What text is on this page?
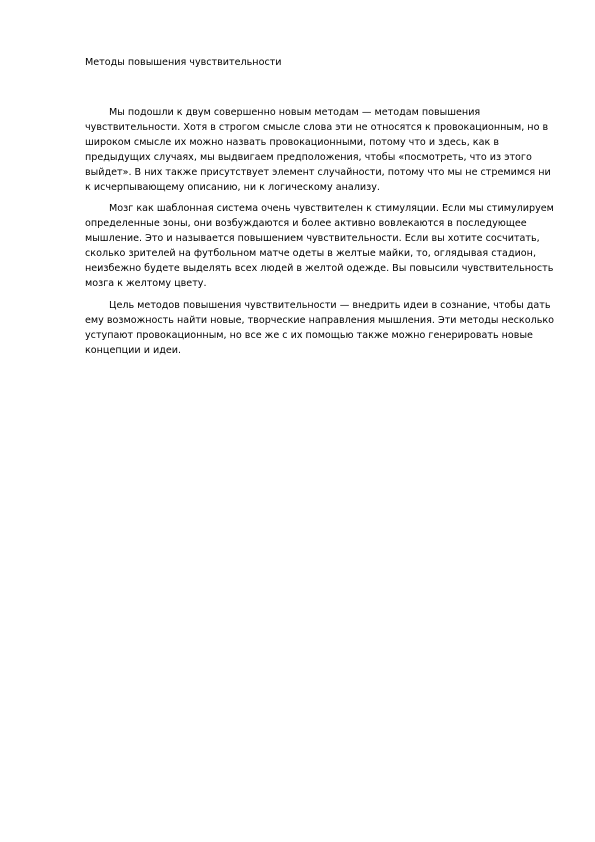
Методы повышения чувствительности

Мы подошли к двум совершенно новым методам — методам повышения чувствительности. Хотя в строгом смысле слова эти не относятся к провокационным, но в широком смысле их можно назвать провокационными, потому что и здесь, как в предыдущих случаях, мы выдвигаем предположения, чтобы «посмотреть, что из этого выйдет». В них также присутствует элемент случайности, потому что мы не стремимся ни к исчерпывающему описанию, ни к логическому анализу.

Мозг как шаблонная система очень чувствителен к стимуляции. Если мы стимулируем определенные зоны, они возбуждаются и более активно вовлекаются в последующее мышление. Это и называется повышением чувствительности. Если вы хотите сосчитать, сколько зрителей на футбольном матче одеты в желтые майки, то, оглядывая стадион, неизбежно будете выделять всех людей в желтой одежде. Вы повысили чувствительность мозга к желтому цвету.

Цель методов повышения чувствительности — внедрить идеи в сознание, чтобы дать ему возможность найти новые, творческие направления мышления. Эти методы несколько уступают провокационным, но все же с их помощью также можно генерировать новые концепции и идеи.
